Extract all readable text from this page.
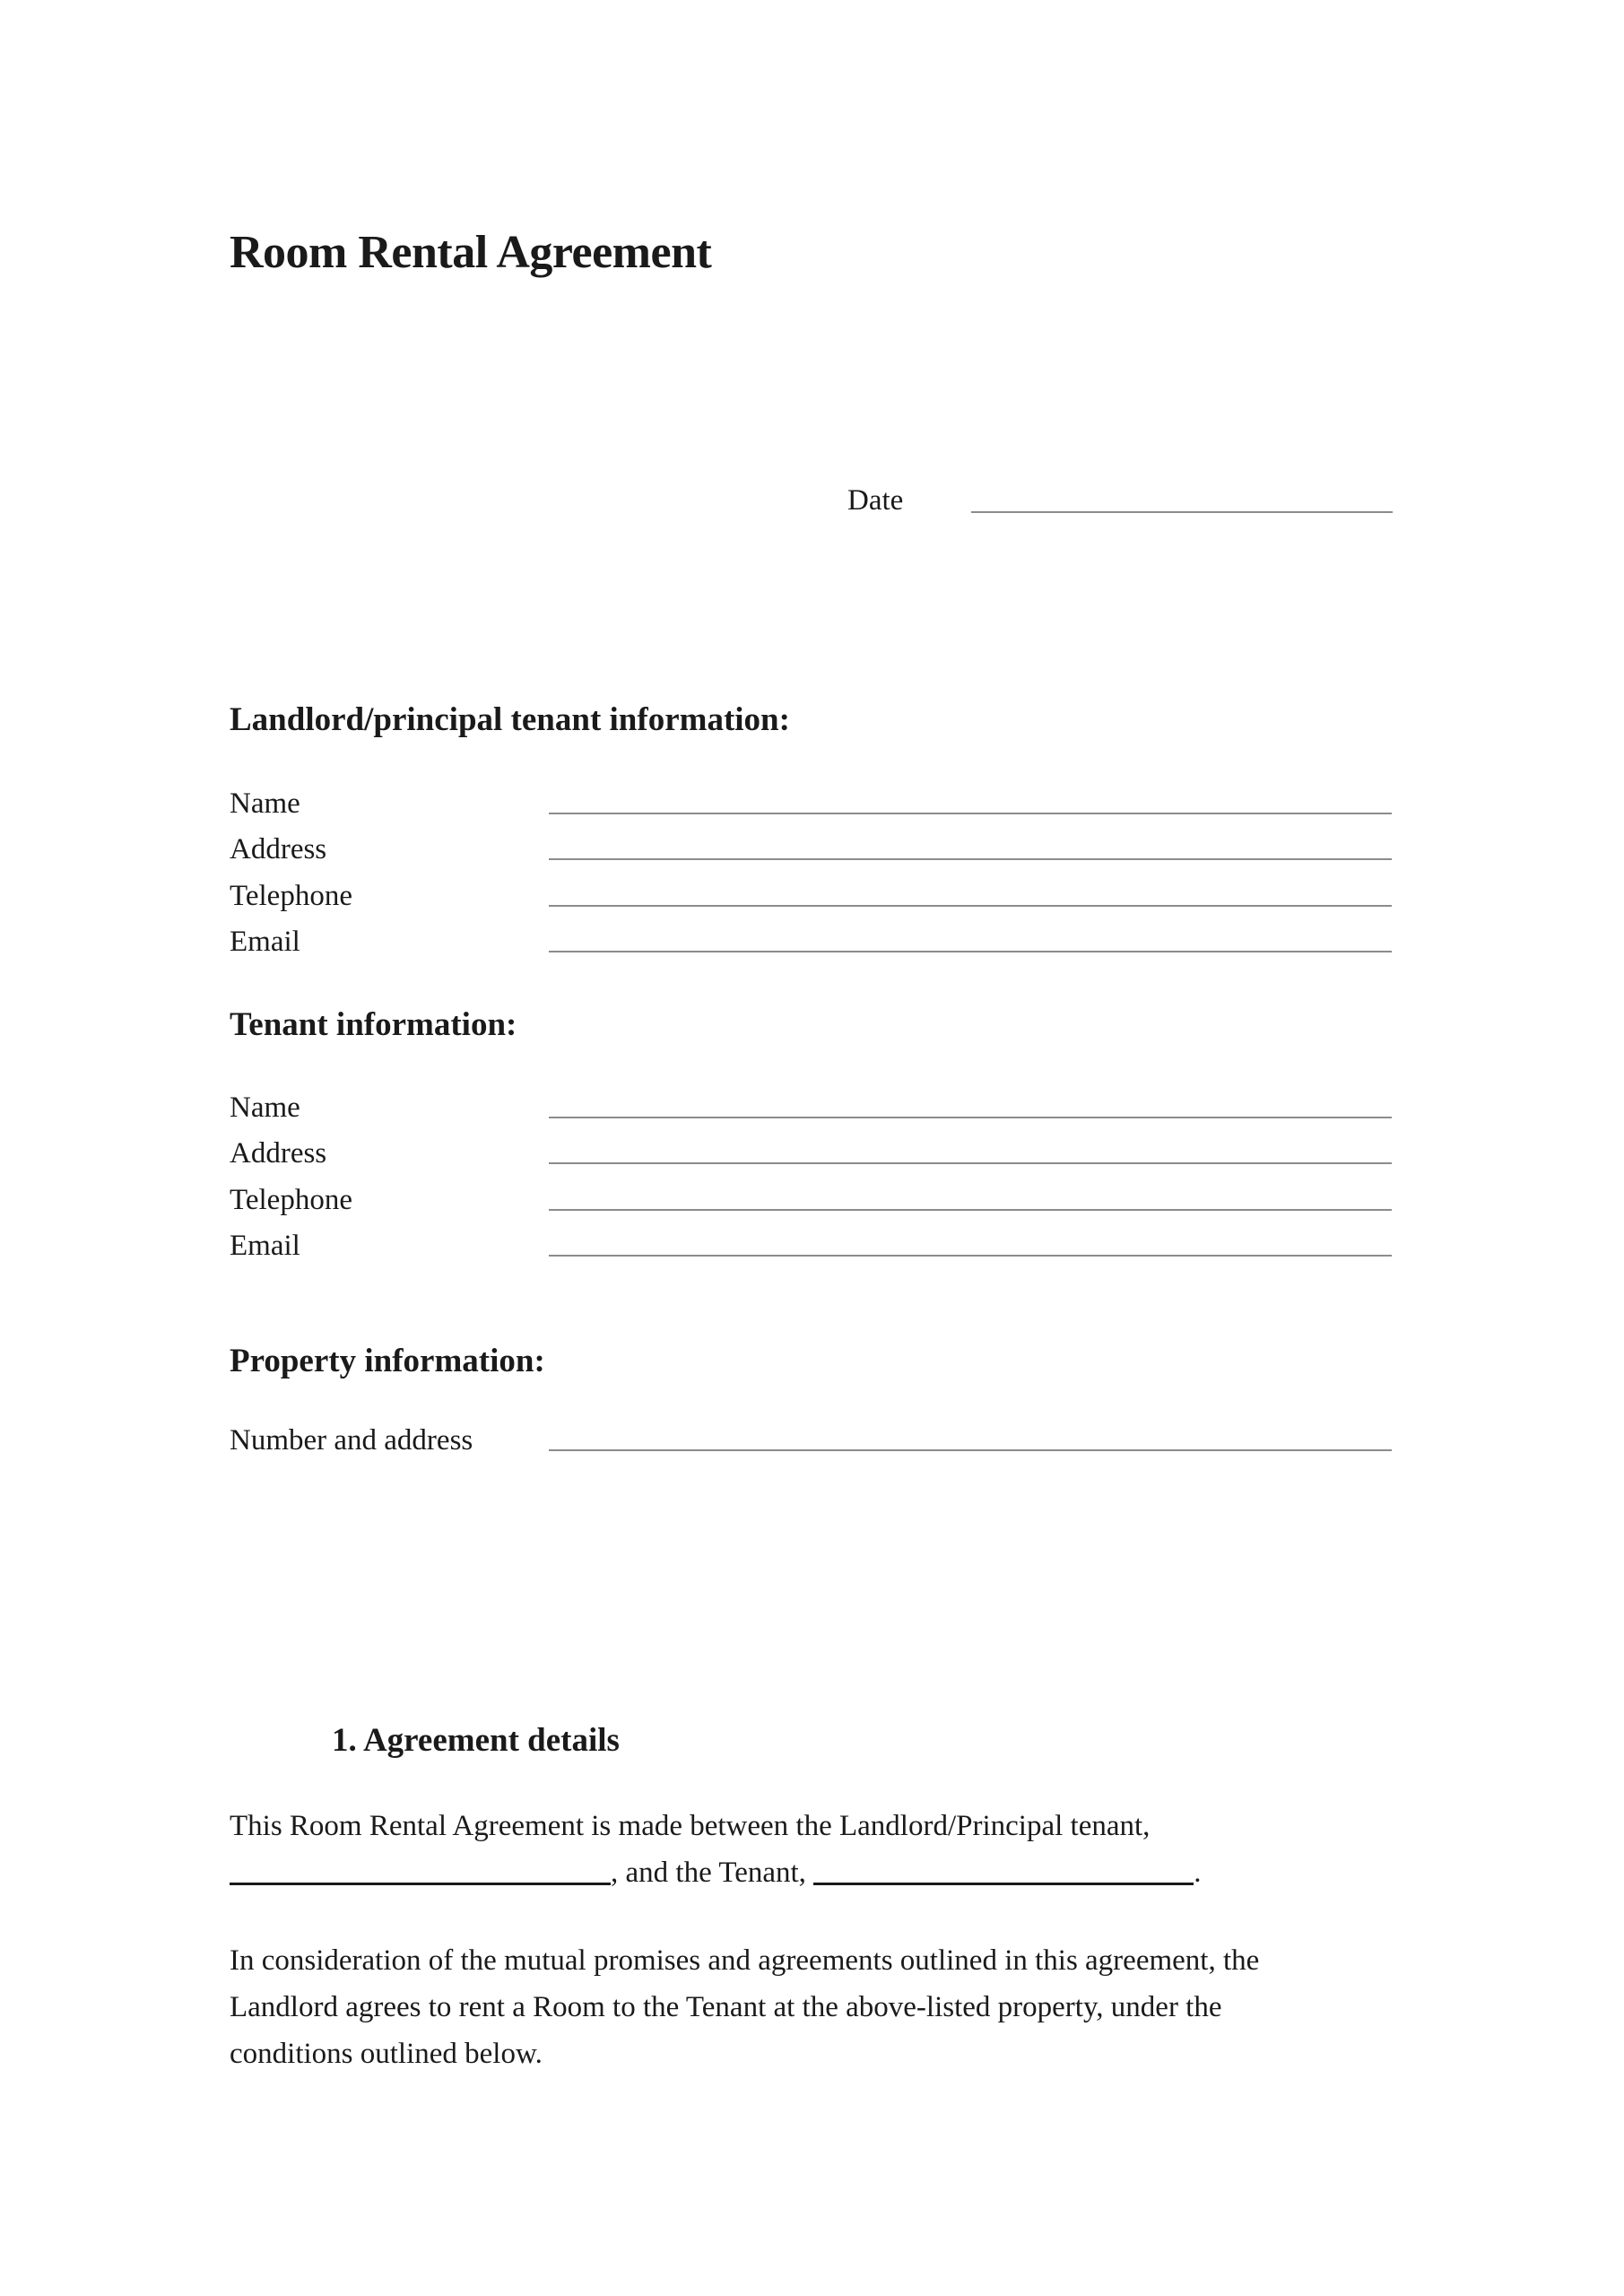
Room Rental Agreement
Date
Landlord/principal tenant information:
Name
Address
Telephone
Email
Tenant information:
Name
Address
Telephone
Email
Property information:
Number and address
1. Agreement details
This Room Rental Agreement is made between the Landlord/Principal tenant,
, and the Tenant,	.
In consideration of the mutual promises and agreements outlined in this agreement, the
Landlord agrees to rent a Room to the Tenant at the above-listed property, under the
conditions outlined below.
